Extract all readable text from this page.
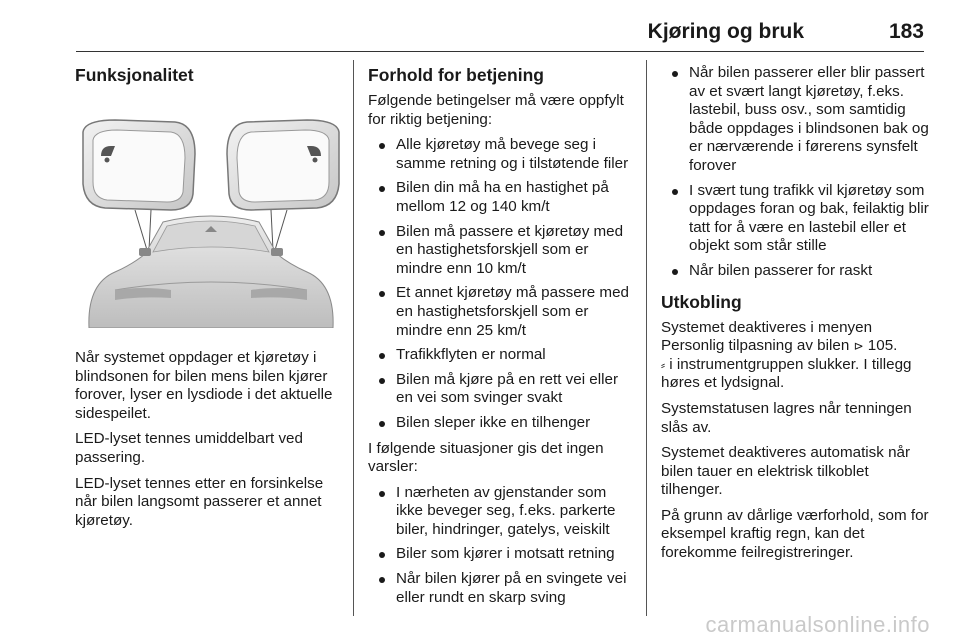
Kjøring og bruk	183
Funksjonalitet

Når systemet oppdager et kjøretøy i blindsonen for bilen mens bilen kjører forover, lyser en lysdiode i det aktuelle sidespeilet.

LED-lyset tennes umiddelbart ved passering.

LED-lyset tennes etter en forsinkelse når bilen langsomt passerer et annet kjøretøy.

Forhold for betjening

Følgende betingelser må være oppfylt for riktig betjening:

Alle kjøretøy må bevege seg i samme retning og i tilstøtende filer
Bilen din må ha en hastighet på mellom 12 og 140 km/t
Bilen må passere et kjøretøy med en hastighetsforskjell som er mindre enn 10 km/t
Et annet kjøretøy må passere med en hastighetsforskjell som er mindre enn 25 km/t
Trafikkflyten er normal
Bilen må kjøre på en rett vei eller en vei som svinger svakt
Bilen sleper ikke en tilhenger

I følgende situasjoner gis det ingen varsler:

I nærheten av gjenstander som ikke beveger seg, f.eks. parkerte biler, hindringer, gatelys, veiskilt
Biler som kjører i motsatt retning
Når bilen kjører på en svingete vei eller rundt en skarp sving
Når bilen passerer eller blir passert av et svært langt kjøretøy, f.eks. lastebil, buss osv., som samtidig både oppdages i blindsonen bak og er nærværende i førerens synsfelt forover
I svært tung trafikk vil kjøretøy som oppdages foran og bak, feilaktig blir tatt for å være en lastebil eller et objekt som står stille
Når bilen passerer for raskt
Utkobling

Systemet deaktiveres i menyen Personlig tilpasning av bilen ⊳ 105.
⸗ i instrumentgruppen slukker. I tillegg høres et lydsignal.

Systemstatusen lagres når tenningen slås av.

Systemet deaktiveres automatisk når bilen tauer en elektrisk tilkoblet tilhenger.

På grunn av dårlige værforhold, som for eksempel kraftig regn, kan det forekomme feilregistreringer.

carmanualsonline.info
